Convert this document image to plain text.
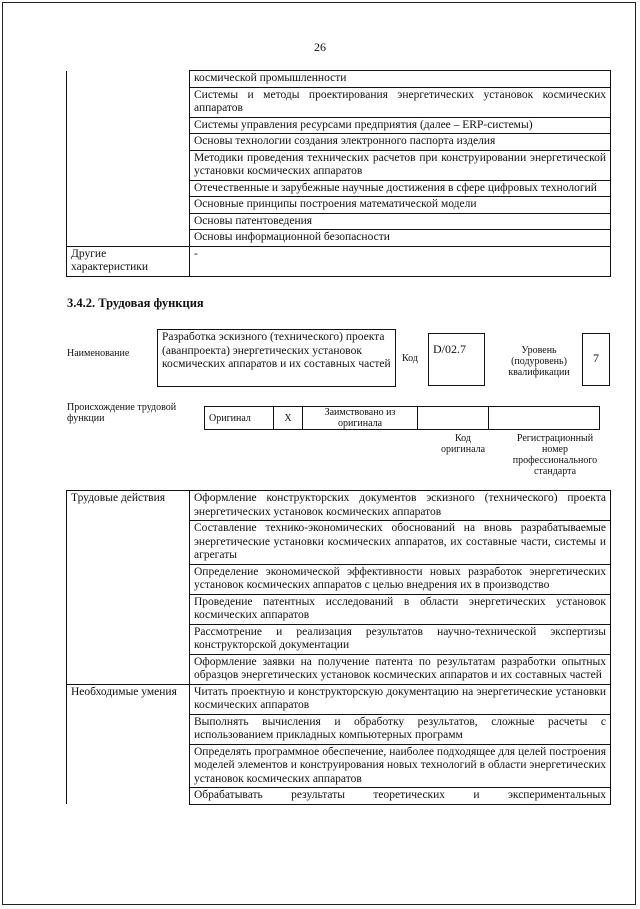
26
	космической промышленности
	Системы и методы проектирования энергетических установок космических аппаратов
	Системы управления ресурсами предприятия (далее – ERP-системы)
	Основы технологии создания электронного паспорта изделия
	Методики проведения технических расчетов при конструировании энергетической установки космических аппаратов
	Отечественные и зарубежные научные достижения в сфере цифровых технологий
	Основные принципы построения математической модели
	Основы патентоведения
	Основы информационной безопасности
Другие характеристики	-
3.4.2. Трудовая функция
Наименование
Разработка эскизного (технического) проекта (аванпроекта) энергетических установок космических аппаратов и их составных частей	Код
D/02.7	Уровень (подуровень) квалификации
7
Происхождение трудовой функции	Оригинал	X	Заимствовано из оригинала		
Код оригинала
Регистрационный номер профессионального стандарта
Трудовые действия	Оформление конструкторских документов эскизного (технического) проекта энергетических установок космических аппаратов
	Составление технико-экономических обоснований на вновь разрабатываемые энергетические установки космических аппаратов, их составные части, системы и агрегаты
	Определение экономической эффективности новых разработок энергетических установок космических аппаратов с целью внедрения их в производство
	Проведение патентных исследований в области энергетических установок космических аппаратов
	Рассмотрение и реализация результатов научно-технической экспертизы конструкторской документации
	Оформление заявки на получение патента по результатам разработки опытных образцов энергетических установок космических аппаратов и их составных частей
Необходимые умения	Читать проектную и конструкторскую документацию на энергетические установки космических аппаратов
	Выполнять вычисления и обработку результатов, сложные расчеты с использованием прикладных компьютерных программ
	Определять программное обеспечение, наиболее подходящее для целей построения моделей элементов и конструирования новых технологий в области энергетических установок космических аппаратов
	Обрабатывать результаты теоретических и экспериментальных
